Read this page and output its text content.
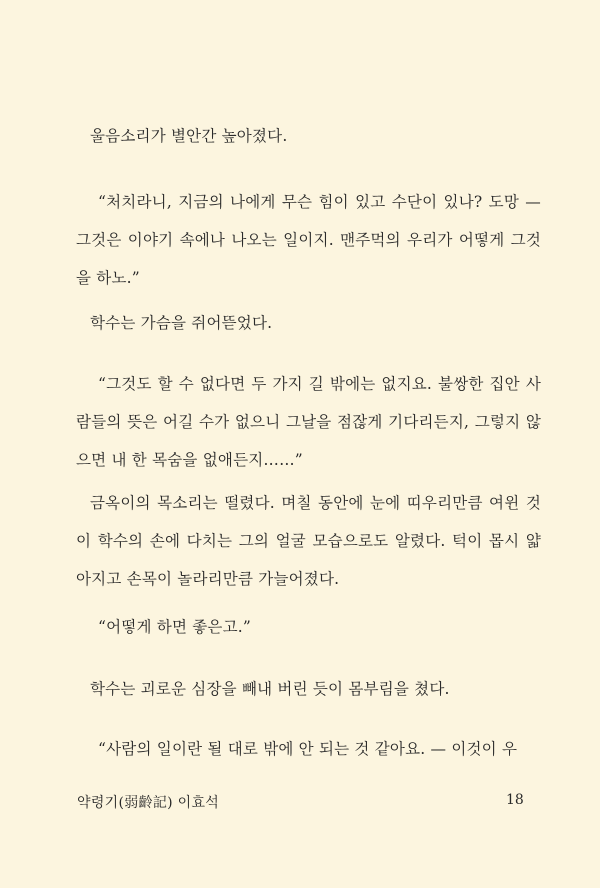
울음소리가 별안간 높아졌다.

“처치라니, 지금의 나에게 무슨 힘이 있고 수단이 있나? 도망 — 그것은 이야기 속에나 나오는 일이지. 맨주먹의 우리가 어떻게 그것을 하노.”

학수는 가슴을 쥐어뜯었다.

“그것도 할 수 없다면 두 가지 길 밖에는 없지요. 불쌍한 집안 사람들의 뜻은 어길 수가 없으니 그날을 점잖게 기다리든지, 그렇지 않으면 내 한 목숨을 없애든지……”

금옥이의 목소리는 떨렸다. 며칠 동안에 눈에 띠우리만큼 여윈 것이 학수의 손에 다치는 그의 얼굴 모습으로도 알렸다. 턱이 몹시 얇아지고 손목이 놀라리만큼 가늘어졌다.

“어떻게 하면 좋은고.”

학수는 괴로운 심장을 빼내 버린 듯이 몸부림을 쳤다.

“사람의 일이란 될 대로 밖에 안 되는 것 같아요. — 이것이 우

약령기(弱齡記) 이효석	18
